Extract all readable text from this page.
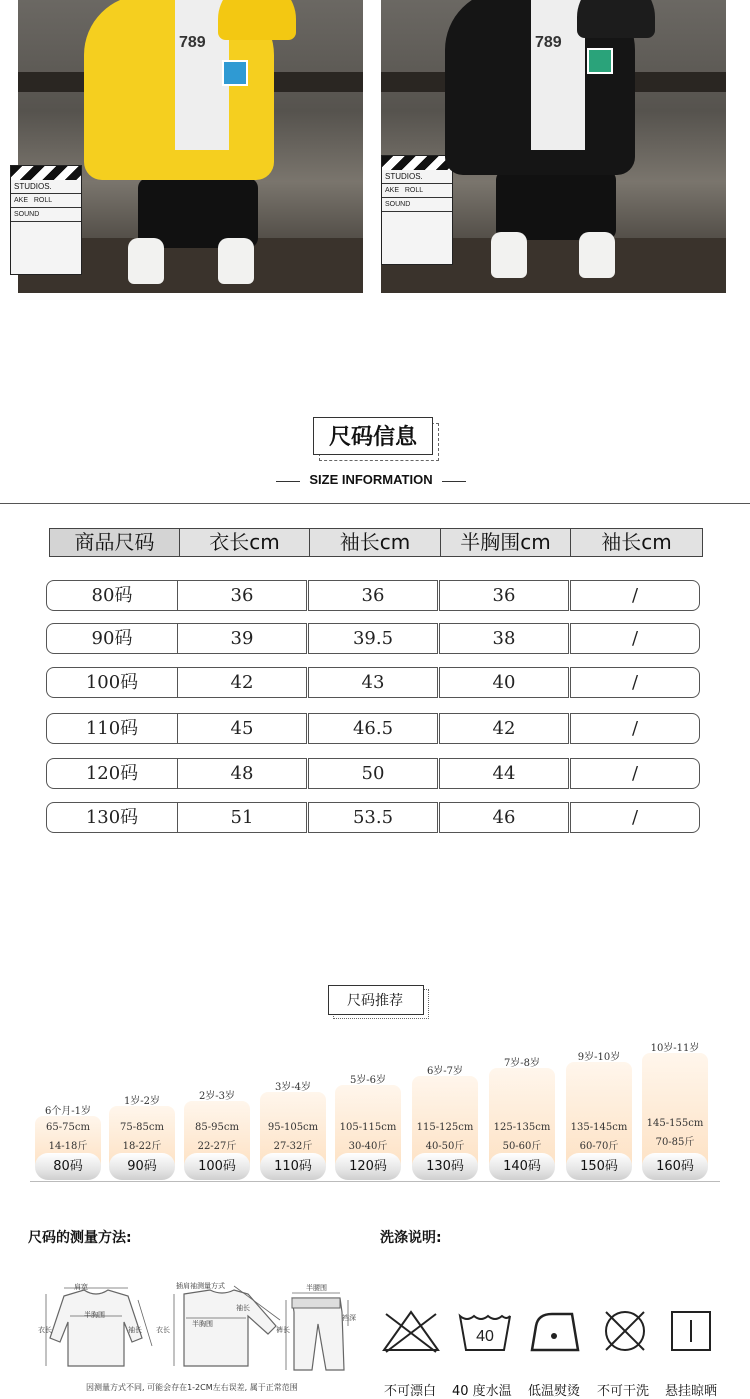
STUDIOS.
AKE ROLL
SOUND
789
STUDIOS.
AKE ROLL
SOUND
789
尺码信息
SIZE INFORMATION
商品尺码	衣长cm	袖长cm	半胸围cm	袖长cm
80码	36	36	36	/
90码	39	39.5	38	/
100码	42	43	40	/
110码	45	46.5	42	/
120码	48	50	44	/
130码	51	53.5	46	/
尺码推荐
6个月-1岁
65-75cm
14-18斤
80码
1岁-2岁
75-85cm
18-22斤
90码
2岁-3岁
85-95cm
22-27斤
100码
3岁-4岁
95-105cm
27-32斤
110码
5岁-6岁
105-115cm
30-40斤
120码
6岁-7岁
115-125cm
40-50斤
130码
7岁-8岁
125-135cm
50-60斤
140码
9岁-10岁
135-145cm
60-70斤
150码
10岁-11岁
145-155cm
70-85斤
160码
尺码的测量方法:
肩宽
半胸围
衣长	袖长
插肩袖测量方式
衣长
半胸围
袖长
半腰围
裤长
裆深
因测量方式不同, 可能会存在1-2CM左右误差, 属于正常范围
洗涤说明:
40
不可漂白 40 度水温 低温熨烫 不可干洗 悬挂晾晒
